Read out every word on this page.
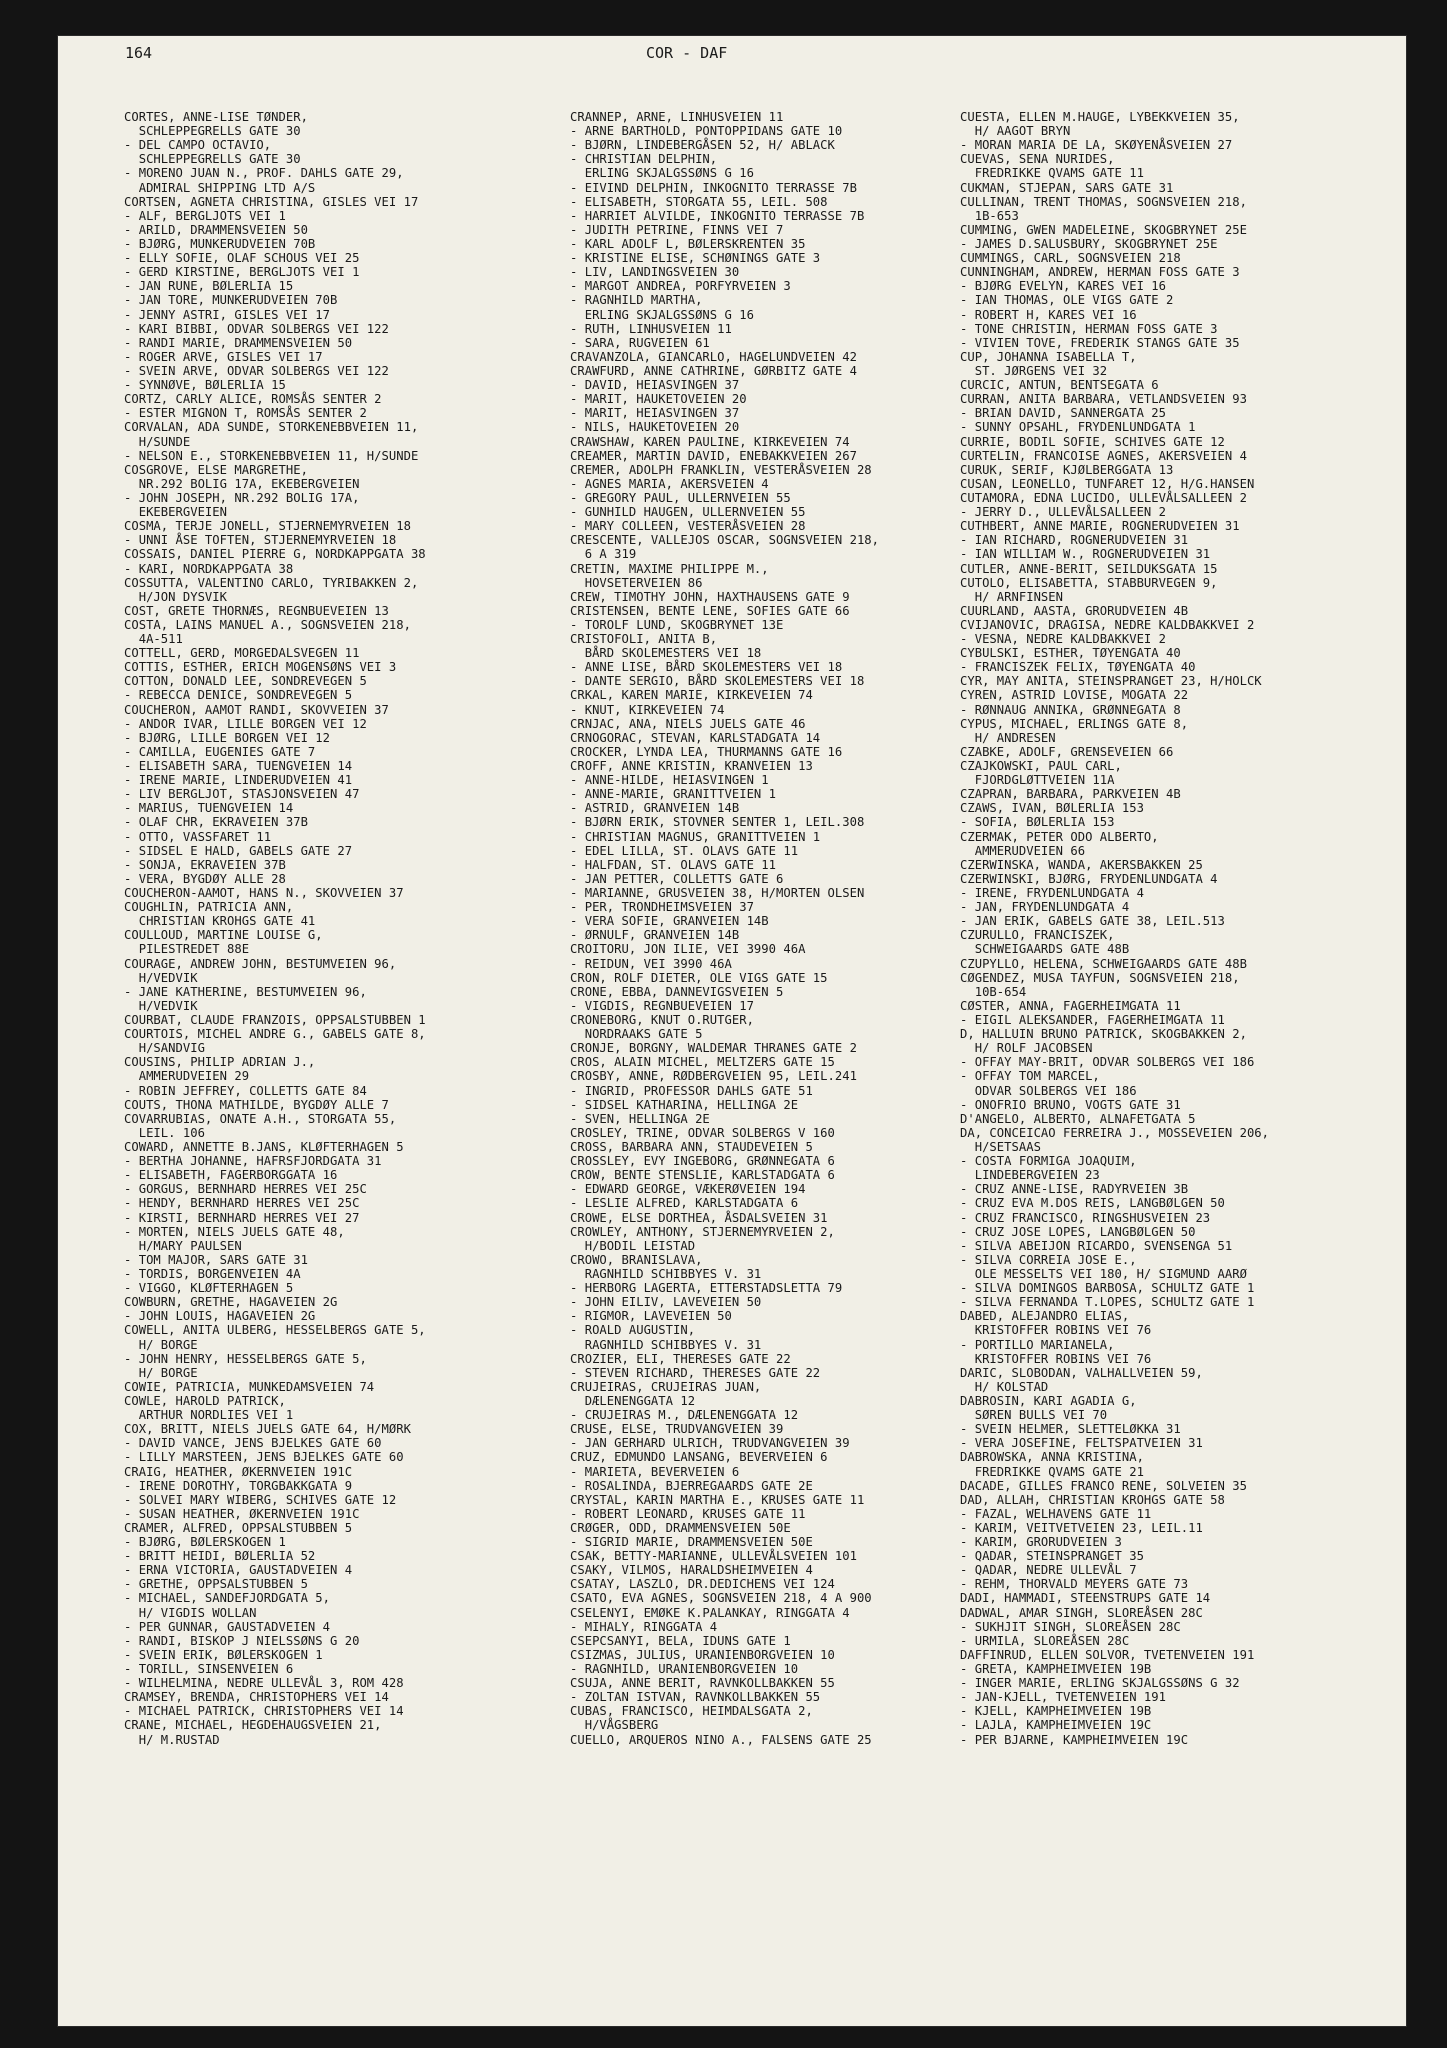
164	COR - DAF
CORTES, ANNE-LISE TØNDER,
SCHLEPPEGRELLS GATE 30
- DEL CAMPO OCTAVIO,
SCHLEPPEGRELLS GATE 30
- MORENO JUAN N., PROF. DAHLS GATE 29,
ADMIRAL SHIPPING LTD A/S
CORTSEN, AGNETA CHRISTINA, GISLES VEI 17
- ALF, BERGLJOTS VEI 1
- ARILD, DRAMMENSVEIEN 50
- BJØRG, MUNKERUDVEIEN 70B
- ELLY SOFIE, OLAF SCHOUS VEI 25
- GERD KIRSTINE, BERGLJOTS VEI 1
- JAN RUNE, BØLERLIA 15
- JAN TORE, MUNKERUDVEIEN 70B
- JENNY ASTRI, GISLES VEI 17
- KARI BIBBI, ODVAR SOLBERGS VEI 122
- RANDI MARIE, DRAMMENSVEIEN 50
- ROGER ARVE, GISLES VEI 17
- SVEIN ARVE, ODVAR SOLBERGS VEI 122
- SYNNØVE, BØLERLIA 15
CORTZ, CARLY ALICE, ROMSÅS SENTER 2
- ESTER MIGNON T, ROMSÅS SENTER 2
CORVALAN, ADA SUNDE, STORKENEBBVEIEN 11,
H/SUNDE
- NELSON E., STORKENEBBVEIEN 11, H/SUNDE
COSGROVE, ELSE MARGRETHE,
NR.292 BOLIG 17A, EKEBERGVEIEN
- JOHN JOSEPH, NR.292 BOLIG 17A,
EKEBERGVEIEN
COSMA, TERJE JONELL, STJERNEMYRVEIEN 18
- UNNI ÅSE TOFTEN, STJERNEMYRVEIEN 18
COSSAIS, DANIEL PIERRE G, NORDKAPPGATA 38
- KARI, NORDKAPPGATA 38
COSSUTTA, VALENTINO CARLO, TYRIBAKKEN 2,
H/JON DYSVIK
COST, GRETE THORNÆS, REGNBUEVEIEN 13
COSTA, LAINS MANUEL A., SOGNSVEIEN 218,
4A-511
COTTELL, GERD, MORGEDALSVEGEN 11
COTTIS, ESTHER, ERICH MOGENSØNS VEI 3
COTTON, DONALD LEE, SONDREVEGEN 5
- REBECCA DENICE, SONDREVEGEN 5
COUCHERON, AAMOT RANDI, SKOVVEIEN 37
- ANDOR IVAR, LILLE BORGEN VEI 12
- BJØRG, LILLE BORGEN VEI 12
- CAMILLA, EUGENIES GATE 7
- ELISABETH SARA, TUENGVEIEN 14
- IRENE MARIE, LINDERUDVEIEN 41
- LIV BERGLJOT, STASJONSVEIEN 47
- MARIUS, TUENGVEIEN 14
- OLAF CHR, EKRAVEIEN 37B
- OTTO, VASSFARET 11
- SIDSEL E HALD, GABELS GATE 27
- SONJA, EKRAVEIEN 37B
- VERA, BYGDØY ALLE 28
COUCHERON-AAMOT, HANS N., SKOVVEIEN 37
COUGHLIN, PATRICIA ANN,
CHRISTIAN KROHGS GATE 41
COULLOUD, MARTINE LOUISE G,
PILESTREDET 88E
COURAGE, ANDREW JOHN, BESTUMVEIEN 96,
H/VEDVIK
- JANE KATHERINE, BESTUMVEIEN 96,
H/VEDVIK
COURBAT, CLAUDE FRANZOIS, OPPSALSTUBBEN 1
COURTOIS, MICHEL ANDRE G., GABELS GATE 8,
H/SANDVIG
COUSINS, PHILIP ADRIAN J.,
AMMERUDVEIEN 29
- ROBIN JEFFREY, COLLETTS GATE 84
COUTS, THONA MATHILDE, BYGDØY ALLE 7
COVARRUBIAS, ONATE A.H., STORGATA 55,
LEIL. 106
COWARD, ANNETTE B.JANS, KLØFTERHAGEN 5
- BERTHA JOHANNE, HAFRSFJORDGATA 31
- ELISABETH, FAGERBORGGATA 16
- GORGUS, BERNHARD HERRES VEI 25C
- HENDY, BERNHARD HERRES VEI 25C
- KIRSTI, BERNHARD HERRES VEI 27
- MORTEN, NIELS JUELS GATE 48,
H/MARY PAULSEN
- TOM MAJOR, SARS GATE 31
- TORDIS, BORGENVEIEN 4A
- VIGGO, KLØFTERHAGEN 5
COWBURN, GRETHE, HAGAVEIEN 2G
- JOHN LOUIS, HAGAVEIEN 2G
COWELL, ANITA ULBERG, HESSELBERGS GATE 5,
H/ BORGE
- JOHN HENRY, HESSELBERGS GATE 5,
H/ BORGE
COWIE, PATRICIA, MUNKEDAMSVEIEN 74
COWLE, HAROLD PATRICK,
ARTHUR NORDLIES VEI 1
COX, BRITT, NIELS JUELS GATE 64, H/MØRK
- DAVID VANCE, JENS BJELKES GATE 60
- LILLY MARSTEEN, JENS BJELKES GATE 60
CRAIG, HEATHER, ØKERNVEIEN 191C
- IRENE DOROTHY, TORGBAKKGATA 9
- SOLVEI MARY WIBERG, SCHIVES GATE 12
- SUSAN HEATHER, ØKERNVEIEN 191C
CRAMER, ALFRED, OPPSALSTUBBEN 5
- BJØRG, BØLERSKOGEN 1
- BRITT HEIDI, BØLERLIA 52
- ERNA VICTORIA, GAUSTADVEIEN 4
- GRETHE, OPPSALSTUBBEN 5
- MICHAEL, SANDEFJORDGATA 5,
H/ VIGDIS WOLLAN
- PER GUNNAR, GAUSTADVEIEN 4
- RANDI, BISKOP J NIELSSØNS G 20
- SVEIN ERIK, BØLERSKOGEN 1
- TORILL, SINSENVEIEN 6
- WILHELMINA, NEDRE ULLEVÅL 3, ROM 428
CRAMSEY, BRENDA, CHRISTOPHERS VEI 14
- MICHAEL PATRICK, CHRISTOPHERS VEI 14
CRANE, MICHAEL, HEGDEHAUGSVEIEN 21,
H/ M.RUSTAD
CRANNEP, ARNE, LINHUSVEIEN 11
- ARNE BARTHOLD, PONTOPPIDANS GATE 10
- BJØRN, LINDEBERGÅSEN 52, H/ ABLACK
- CHRISTIAN DELPHIN,
ERLING SKJALGSSØNS G 16
- EIVIND DELPHIN, INKOGNITO TERRASSE 7B
- ELISABETH, STORGATA 55, LEIL. 508
- HARRIET ALVILDE, INKOGNITO TERRASSE 7B
- JUDITH PETRINE, FINNS VEI 7
- KARL ADOLF L, BØLERSKRENTEN 35
- KRISTINE ELISE, SCHØNINGS GATE 3
- LIV, LANDINGSVEIEN 30
- MARGOT ANDREA, PORFYRVEIEN 3
- RAGNHILD MARTHA,
ERLING SKJALGSSØNS G 16
- RUTH, LINHUSVEIEN 11
- SARA, RUGVEIEN 61
CRAVANZOLA, GIANCARLO, HAGELUNDVEIEN 42
CRAWFURD, ANNE CATHRINE, GØRBITZ GATE 4
- DAVID, HEIASVINGEN 37
- MARIT, HAUKETOVEIEN 20
- MARIT, HEIASVINGEN 37
- NILS, HAUKETOVEIEN 20
CRAWSHAW, KAREN PAULINE, KIRKEVEIEN 74
CREAMER, MARTIN DAVID, ENEBAKKVEIEN 267
CREMER, ADOLPH FRANKLIN, VESTERÅSVEIEN 28
- AGNES MARIA, AKERSVEIEN 4
- GREGORY PAUL, ULLERNVEIEN 55
- GUNHILD HAUGEN, ULLERNVEIEN 55
- MARY COLLEEN, VESTERÅSVEIEN 28
CRESCENTE, VALLEJOS OSCAR, SOGNSVEIEN 218,
6 A 319
CRETIN, MAXIME PHILIPPE M.,
HOVSETERVEIEN 86
CREW, TIMOTHY JOHN, HAXTHAUSENS GATE 9
CRISTENSEN, BENTE LENE, SOFIES GATE 66
- TOROLF LUND, SKOGBRYNET 13E
CRISTOFOLI, ANITA B,
BÅRD SKOLEMESTERS VEI 18
- ANNE LISE, BÅRD SKOLEMESTERS VEI 18
- DANTE SERGIO, BÅRD SKOLEMESTERS VEI 18
CRKAL, KAREN MARIE, KIRKEVEIEN 74
- KNUT, KIRKEVEIEN 74
CRNJAC, ANA, NIELS JUELS GATE 46
CRNOGORAC, STEVAN, KARLSTADGATA 14
CROCKER, LYNDA LEA, THURMANNS GATE 16
CROFF, ANNE KRISTIN, KRANVEIEN 13
- ANNE-HILDE, HEIASVINGEN 1
- ANNE-MARIE, GRANITTVEIEN 1
- ASTRID, GRANVEIEN 14B
- BJØRN ERIK, STOVNER SENTER 1, LEIL.308
- CHRISTIAN MAGNUS, GRANITTVEIEN 1
- EDEL LILLA, ST. OLAVS GATE 11
- HALFDAN, ST. OLAVS GATE 11
- JAN PETTER, COLLETTS GATE 6
- MARIANNE, GRUSVEIEN 38, H/MORTEN OLSEN
- PER, TRONDHEIMSVEIEN 37
- VERA SOFIE, GRANVEIEN 14B
- ØRNULF, GRANVEIEN 14B
CROITORU, JON ILIE, VEI 3990 46A
- REIDUN, VEI 3990 46A
CRON, ROLF DIETER, OLE VIGS GATE 15
CRONE, EBBA, DANNEVIGSVEIEN 5
- VIGDIS, REGNBUEVEIEN 17
CRONEBORG, KNUT O.RUTGER,
NORDRAAKS GATE 5
CRONJE, BORGNY, WALDEMAR THRANES GATE 2
CROS, ALAIN MICHEL, MELTZERS GATE 15
CROSBY, ANNE, RØDBERGVEIEN 95, LEIL.241
- INGRID, PROFESSOR DAHLS GATE 51
- SIDSEL KATHARINA, HELLINGA 2E
- SVEN, HELLINGA 2E
CROSLEY, TRINE, ODVAR SOLBERGS V 160
CROSS, BARBARA ANN, STAUDEVEIEN 5
CROSSLEY, EVY INGEBORG, GRØNNEGATA 6
CROW, BENTE STENSLIE, KARLSTADGATA 6
- EDWARD GEORGE, VÆKERØVEIEN 194
- LESLIE ALFRED, KARLSTADGATA 6
CROWE, ELSE DORTHEA, ÅSDALSVEIEN 31
CROWLEY, ANTHONY, STJERNEMYRVEIEN 2,
H/BODIL LEISTAD
CROWO, BRANISLAVA,
RAGNHILD SCHIBBYES V. 31
- HERBORG LAGERTA, ETTERSTADSLETTA 79
- JOHN EILIV, LAVEVEIEN 50
- RIGMOR, LAVEVEIEN 50
- ROALD AUGUSTIN,
RAGNHILD SCHIBBYES V. 31
CROZIER, ELI, THERESES GATE 22
- STEVEN RICHARD, THERESES GATE 22
CRUJEIRAS, CRUJEIRAS JUAN,
DÆLENENGGATA 12
- CRUJEIRAS M., DÆLENENGGATA 12
CRUSE, ELSE, TRUDVANGVEIEN 39
- JAN GERHARD ULRICH, TRUDVANGVEIEN 39
CRUZ, EDMUNDO LANSANG, BEVERVEIEN 6
- MARIETA, BEVERVEIEN 6
- ROSALINDA, BJERREGAARDS GATE 2E
CRYSTAL, KARIN MARTHA E., KRUSES GATE 11
- ROBERT LEONARD, KRUSES GATE 11
CRØGER, ODD, DRAMMENSVEIEN 50E
- SIGRID MARIE, DRAMMENSVEIEN 50E
CSAK, BETTY-MARIANNE, ULLEVÅLSVEIEN 101
CSAKY, VILMOS, HARALDSHEIMVEIEN 4
CSATAY, LASZLO, DR.DEDICHENS VEI 124
CSATO, EVA AGNES, SOGNSVEIEN 218, 4 A 900
CSELENYI, EMØKE K.PALANKAY, RINGGATA 4
- MIHALY, RINGGATA 4
CSEPCSANYI, BELA, IDUNS GATE 1
CSIZMAS, JULIUS, URANIENBORGVEIEN 10
- RAGNHILD, URANIENBORGVEIEN 10
CSUJA, ANNE BERIT, RAVNKOLLBAKKEN 55
- ZOLTAN ISTVAN, RAVNKOLLBAKKEN 55
CUBAS, FRANCISCO, HEIMDALSGATA 2,
H/VÅGSBERG
CUELLO, ARQUEROS NINO A., FALSENS GATE 25
CUESTA, ELLEN M.HAUGE, LYBEKKVEIEN 35,
H/ AAGOT BRYN
- MORAN MARIA DE LA, SKØYENÅSVEIEN 27
CUEVAS, SENA NURIDES,
FREDRIKKE QVAMS GATE 11
CUKMAN, STJEPAN, SARS GATE 31
CULLINAN, TRENT THOMAS, SOGNSVEIEN 218,
1B-653
CUMMING, GWEN MADELEINE, SKOGBRYNET 25E
- JAMES D.SALUSBURY, SKOGBRYNET 25E
CUMMINGS, CARL, SOGNSVEIEN 218
CUNNINGHAM, ANDREW, HERMAN FOSS GATE 3
- BJØRG EVELYN, KARES VEI 16
- IAN THOMAS, OLE VIGS GATE 2
- ROBERT H, KARES VEI 16
- TONE CHRISTIN, HERMAN FOSS GATE 3
- VIVIEN TOVE, FREDERIK STANGS GATE 35
CUP, JOHANNA ISABELLA T,
ST. JØRGENS VEI 32
CURCIC, ANTUN, BENTSEGATA 6
CURRAN, ANITA BARBARA, VETLANDSVEIEN 93
- BRIAN DAVID, SANNERGATA 25
- SUNNY OPSAHL, FRYDENLUNDGATA 1
CURRIE, BODIL SOFIE, SCHIVES GATE 12
CURTELIN, FRANCOISE AGNES, AKERSVEIEN 4
CURUK, SERIF, KJØLBERGGATA 13
CUSAN, LEONELLO, TUNFARET 12, H/G.HANSEN
CUTAMORA, EDNA LUCIDO, ULLEVÅLSALLEEN 2
- JERRY D., ULLEVÅLSALLEEN 2
CUTHBERT, ANNE MARIE, ROGNERUDVEIEN 31
- IAN RICHARD, ROGNERUDVEIEN 31
- IAN WILLIAM W., ROGNERUDVEIEN 31
CUTLER, ANNE-BERIT, SEILDUKSGATA 15
CUTOLO, ELISABETTA, STABBURVEGEN 9,
H/ ARNFINSEN
CUURLAND, AASTA, GRORUDVEIEN 4B
CVIJANOVIC, DRAGISA, NEDRE KALDBAKKVEI 2
- VESNA, NEDRE KALDBAKKVEI 2
CYBULSKI, ESTHER, TØYENGATA 40
- FRANCISZEK FELIX, TØYENGATA 40
CYR, MAY ANITA, STEINSPRANGET 23, H/HOLCK
CYREN, ASTRID LOVISE, MOGATA 22
- RØNNAUG ANNIKA, GRØNNEGATA 8
CYPUS, MICHAEL, ERLINGS GATE 8,
H/ ANDRESEN
CZABKE, ADOLF, GRENSEVEIEN 66
CZAJKOWSKI, PAUL CARL,
FJORDGLØTTVEIEN 11A
CZAPRAN, BARBARA, PARKVEIEN 4B
CZAWS, IVAN, BØLERLIA 153
- SOFIA, BØLERLIA 153
CZERMAK, PETER ODO ALBERTO,
AMMERUDVEIEN 66
CZERWINSKA, WANDA, AKERSBAKKEN 25
CZERWINSKI, BJØRG, FRYDENLUNDGATA 4
- IRENE, FRYDENLUNDGATA 4
- JAN, FRYDENLUNDGATA 4
- JAN ERIK, GABELS GATE 38, LEIL.513
CZURULLO, FRANCISZEK,
SCHWEIGAARDS GATE 48B
CZUPYLLO, HELENA, SCHWEIGAARDS GATE 48B
CØGENDEZ, MUSA TAYFUN, SOGNSVEIEN 218,
10B-654
CØSTER, ANNA, FAGERHEIMGATA 11
- EIGIL ALEKSANDER, FAGERHEIMGATA 11
D, HALLUIN BRUNO PATRICK, SKOGBAKKEN 2,
H/ ROLF JACOBSEN
- OFFAY MAY-BRIT, ODVAR SOLBERGS VEI 186
- OFFAY TOM MARCEL,
ODVAR SOLBERGS VEI 186
- ONOFRIO BRUNO, VOGTS GATE 31
D'ANGELO, ALBERTO, ALNAFETGATA 5
DA, CONCEICAO FERREIRA J., MOSSEVEIEN 206,
H/SETSAAS
- COSTA FORMIGA JOAQUIM,
LINDEBERGVEIEN 23
- CRUZ ANNE-LISE, RADYRVEIEN 3B
- CRUZ EVA M.DOS REIS, LANGBØLGEN 50
- CRUZ FRANCISCO, RINGSHUSVEIEN 23
- CRUZ JOSE LOPES, LANGBØLGEN 50
- SILVA ABEIJON RICARDO, SVENSENGA 51
- SILVA CORREIA JOSE E.,
OLE MESSELTS VEI 180, H/ SIGMUND AARØ
- SILVA DOMINGOS BARBOSA, SCHULTZ GATE 1
- SILVA FERNANDA T.LOPES, SCHULTZ GATE 1
DABED, ALEJANDRO ELIAS,
KRISTOFFER ROBINS VEI 76
- PORTILLO MARIANELA,
KRISTOFFER ROBINS VEI 76
DARIC, SLOBODAN, VALHALLVEIEN 59,
H/ KOLSTAD
DABROSIN, KARI AGADIA G,
SØREN BULLS VEI 70
- SVEIN HELMER, SLETTELØKKA 31
- VERA JOSEFINE, FELTSPATVEIEN 31
DABROWSKA, ANNA KRISTINA,
FREDRIKKE QVAMS GATE 21
DACADE, GILLES FRANCO RENE, SOLVEIEN 35
DAD, ALLAH, CHRISTIAN KROHGS GATE 58
- FAZAL, WELHAVENS GATE 11
- KARIM, VEITVETVEIEN 23, LEIL.11
- KARIM, GRORUDVEIEN 3
- QADAR, STEINSPRANGET 35
- QADAR, NEDRE ULLEVÅL 7
- REHM, THORVALD MEYERS GATE 73
DADI, HAMMADI, STEENSTRUPS GATE 14
DADWAL, AMAR SINGH, SLOREÅSEN 28C
- SUKHJIT SINGH, SLOREÅSEN 28C
- URMILA, SLOREÅSEN 28C
DAFFINRUD, ELLEN SOLVOR, TVETENVEIEN 191
- GRETA, KAMPHEIMVEIEN 19B
- INGER MARIE, ERLING SKJALGSSØNS G 32
- JAN-KJELL, TVETENVEIEN 191
- KJELL, KAMPHEIMVEIEN 19B
- LAJLA, KAMPHEIMVEIEN 19C
- PER BJARNE, KAMPHEIMVEIEN 19C
